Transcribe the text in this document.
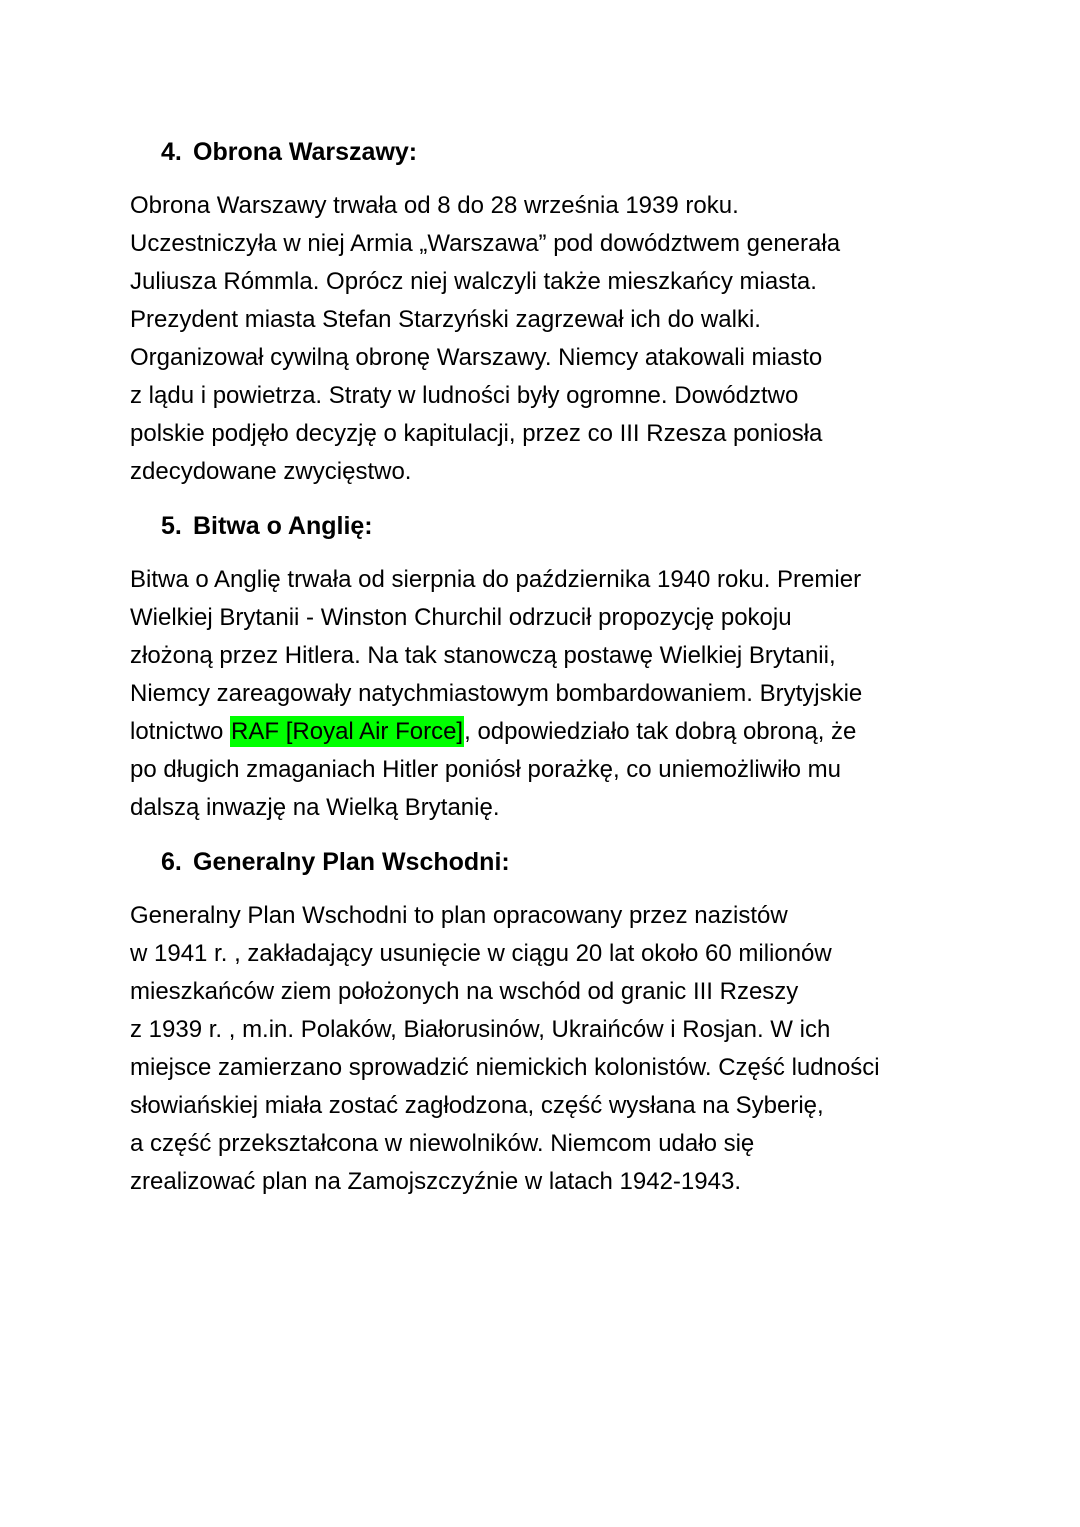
4. Obrona Warszawy:

Obrona Warszawy trwała od 8 do 28 września 1939 roku.
Uczestniczyła w niej Armia „Warszawa” pod dowództwem generała
Juliusza Rómmla. Oprócz niej walczyli także mieszkańcy miasta.
Prezydent miasta Stefan Starzyński zagrzewał ich do walki.
Organizował cywilną obronę Warszawy. Niemcy atakowali miasto
z lądu i powietrza. Straty w ludności były ogromne. Dowództwo
polskie podjęło decyzję o kapitulacji, przez co III Rzesza poniosła
zdecydowane zwycięstwo.

5. Bitwa o Anglię:

Bitwa o Anglię trwała od sierpnia do października 1940 roku. Premier
Wielkiej Brytanii - Winston Churchil odrzucił propozycję pokoju
złożoną przez Hitlera. Na tak stanowczą postawę Wielkiej Brytanii,
Niemcy zareagowały natychmiastowym bombardowaniem. Brytyjskie
lotnictwo RAF [Royal Air Force], odpowiedziało tak dobrą obroną, że
po długich zmaganiach Hitler poniósł porażkę, co uniemożliwiło mu
dalszą inwazję na Wielką Brytanię.

6. Generalny Plan Wschodni:

Generalny Plan Wschodni to plan opracowany przez nazistów
w 1941 r. , zakładający usunięcie w ciągu 20 lat około 60 milionów
mieszkańców ziem położonych na wschód od granic III Rzeszy
z 1939 r. , m.in. Polaków, Białorusinów, Ukraińców i Rosjan. W ich
miejsce zamierzano sprowadzić niemickich kolonistów. Część ludności
słowiańskiej miała zostać zagłodzona, część wysłana na Syberię,
a część przekształcona w niewolników. Niemcom udało się
zrealizować plan na Zamojszczyźnie w latach 1942-1943.
